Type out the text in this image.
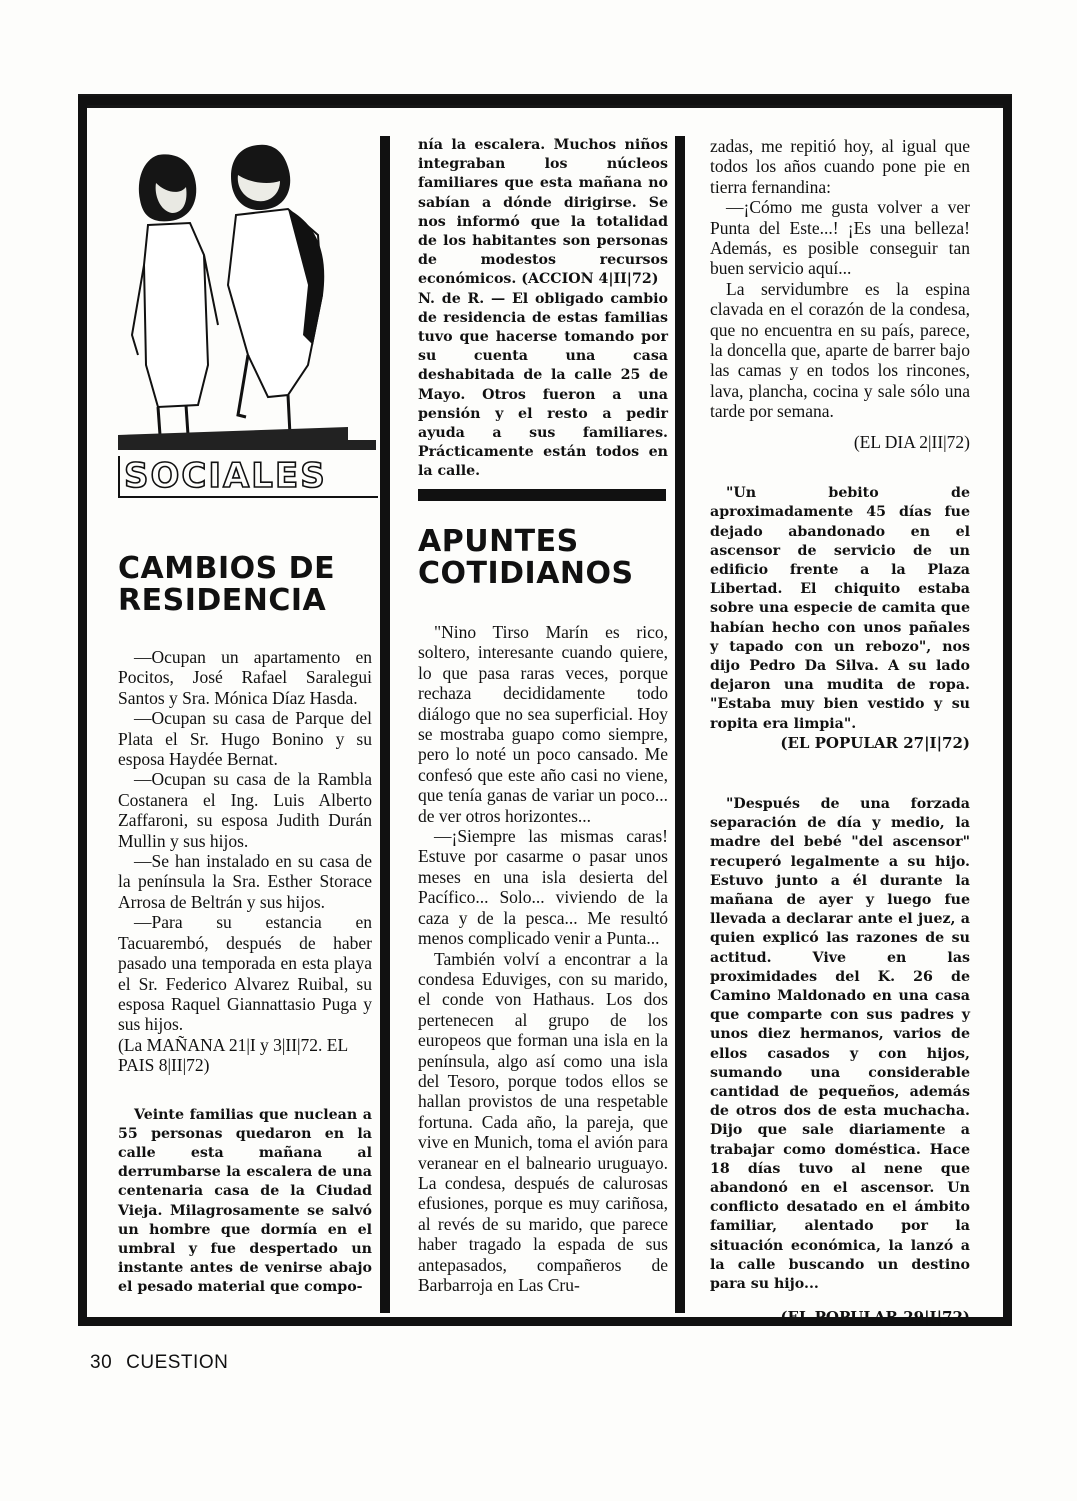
SOCIALES
CAMBIOS DE RESIDENCIA

—Ocupan un apartamento en Pocitos, José Rafael Saralegui Santos y Sra. Mónica Díaz Hasda.

—Ocupan su casa de Parque del Plata el Sr. Hugo Bonino y su esposa Haydée Bernat.

—Ocupan su casa de la Rambla Costanera el Ing. Luis Alberto Zaffaroni, su esposa Judith Durán Mullin y sus hijos.

—Se han instalado en su casa de la península la Sra. Esther Storace Arrosa de Beltrán y sus hijos.

—Para su estancia en Tacuarembó, después de haber pasado una temporada en esta playa el Sr. Federico Alvarez Ruibal, su esposa Raquel Giannattasio Puga y sus hijos.

(La MAÑANA 21|I y 3|II|72. EL PAIS 8|II|72)

Veinte familias que nuclean a 55 personas quedaron en la calle esta mañana al derrumbarse la escalera de una centenaria casa de la Ciudad Vieja. Milagrosamente se salvó un hombre que dormía en el umbral y fue despertado un instante antes de venirse abajo el pesado material que compo-

nía la escalera. Muchos niños integraban los núcleos familiares que esta mañana no sabían a dónde dirigirse. Se nos informó que la totalidad de los habitantes son personas de modestos recursos económicos. (ACCION 4|II|72)

N. de R. — El obligado cambio de residencia de estas familias tuvo que hacerse tomando por su cuenta una casa deshabitada de la calle 25 de Mayo. Otros fueron a una pensión y el resto a pedir ayuda a sus familiares. Prácticamente están todos en la calle.

APUNTES COTIDIANOS

"Nino Tirso Marín es rico, soltero, interesante cuando quiere, lo que pasa raras veces, porque rechaza decididamente todo diálogo que no sea superficial. Hoy se mostraba guapo como siempre, pero lo noté un poco cansado. Me confesó que este año casi no viene, que tenía ganas de variar un poco... de ver otros horizontes...

—¡Siempre las mismas caras! Estuve por casarme o pasar unos meses en una isla desierta del Pacífico... Solo... viviendo de la caza y de la pesca... Me resultó menos complicado venir a Punta...

También volví a encontrar a la condesa Eduviges, con su marido, el conde von Hathaus. Los dos pertenecen al grupo de los europeos que forman una isla en la península, algo así como una isla del Tesoro, porque todos ellos se hallan provistos de una respetable fortuna. Cada año, la pareja, que vive en Munich, toma el avión para veranear en el balneario uruguayo. La condesa, después de calurosas efusiones, porque es muy cariñosa, al revés de su marido, que parece haber tragado la espada de sus antepasados, compañeros de Barbarroja en Las Cru-

zadas, me repitió hoy, al igual que todos los años cuando pone pie en tierra fernandina:

—¡Cómo me gusta volver a ver Punta del Este...! ¡Es una belleza! Además, es posible conseguir tan buen servicio aquí...

La servidumbre es la espina clavada en el corazón de la condesa, que no encuentra en su país, parece, la doncella que, aparte de barrer bajo las camas y en todos los rincones, lava, plancha, cocina y sale sólo una tarde por semana.

(EL DIA 2|II|72)

"Un bebito de aproximadamente 45 días fue dejado abandonado en el ascensor de servicio de un edificio frente a la Plaza Libertad. El chiquito estaba sobre una especie de camita que habían hecho con unos pañales y tapado con un rebozo", nos dijo Pedro Da Silva. A su lado dejaron una mudita de ropa. "Estaba muy bien vestido y su ropita era limpia".

(EL POPULAR 27|I|72)

"Después de una forzada separación de día y medio, la madre del bebé "del ascensor" recuperó legalmente a su hijo. Estuvo junto a él durante la mañana de ayer y luego fue llevada a declarar ante el juez, a quien explicó las razones de su actitud. Vive en las proximidades del K. 26 de Camino Maldonado en una casa que comparte con sus padres y unos diez hermanos, varios de ellos casados y con hijos, sumando una considerable cantidad de pequeños, además de otros dos de esta muchacha. Dijo que sale diariamente a trabajar como doméstica. Hace 18 días tuvo al nene que abandonó en el ascensor. Un conflicto desatado en el ámbito familiar, alentado por la situación económica, la lanzó a la calle buscando un destino para su hijo...

(EL POPULAR 29|I|72)

30 CUESTION
